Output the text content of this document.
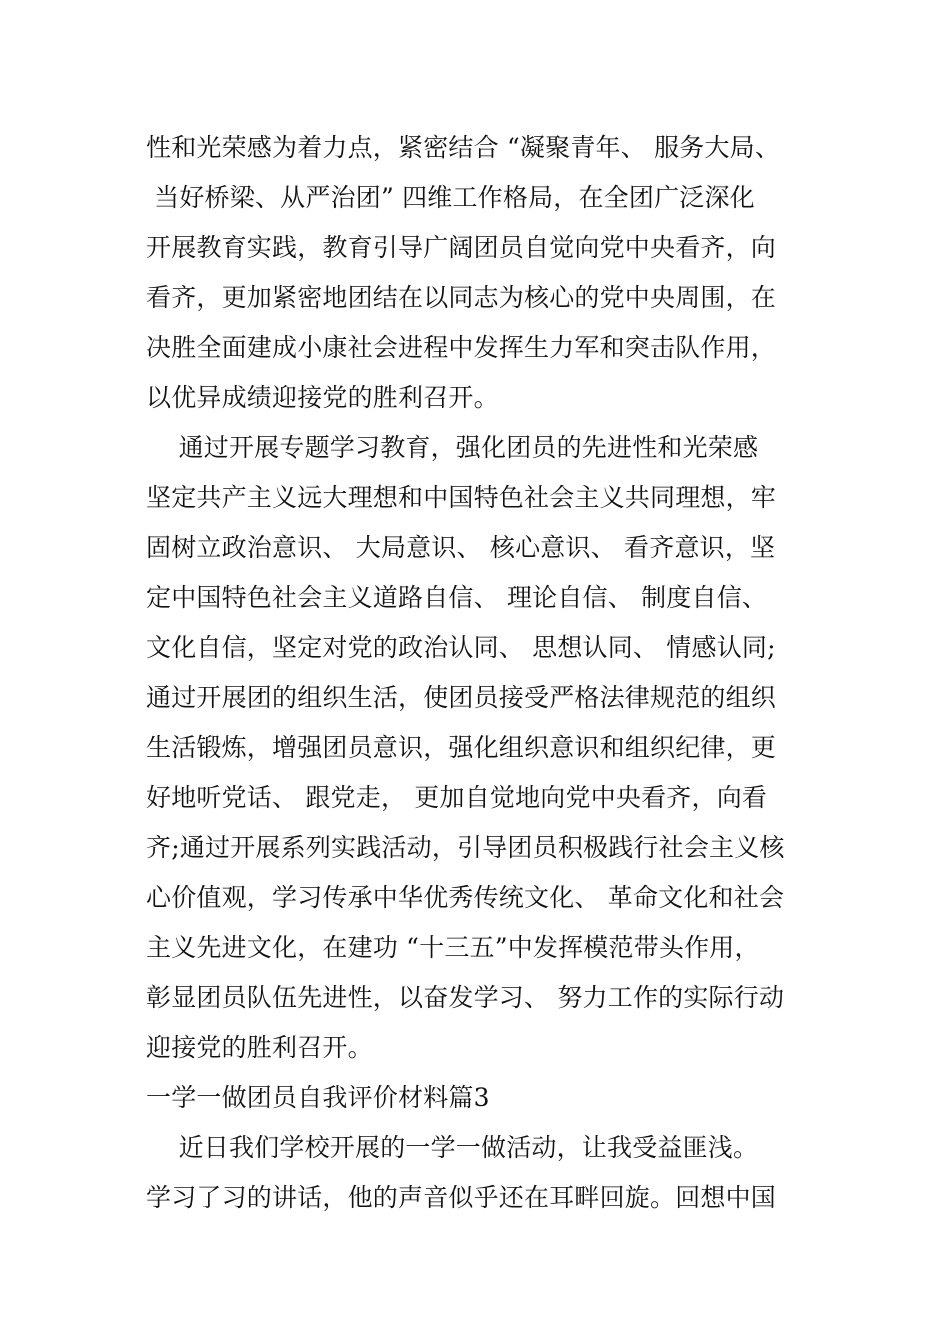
性和光荣感为着力点，紧密结合 “凝聚青年、 服务大局、
当好桥梁、从严治团” 四维工作格局，在全团广泛深化
开展教育实践，教育引导广阔团员自觉向党中央看齐，向
看齐，更加紧密地团结在以同志为核心的党中央周围，在
决胜全面建成小康社会进程中发挥生力军和突击队作用，
以优异成绩迎接党的胜利召开。
通过开展专题学习教育，强化团员的先进性和光荣感
坚定共产主义远大理想和中国特色社会主义共同理想，牢
固树立政治意识、 大局意识、 核心意识、 看齐意识，坚
定中国特色社会主义道路自信、 理论自信、 制度自信、
文化自信，坚定对党的政治认同、 思想认同、 情感认同;
通过开展团的组织生活，使团员接受严格法律规范的组织
生活锻炼，增强团员意识，强化组织意识和组织纪律，更
好地听党话、 跟党走， 更加自觉地向党中央看齐，向看
齐;通过开展系列实践活动，引导团员积极践行社会主义核
心价值观，学习传承中华优秀传统文化、 革命文化和社会
主义先进文化，在建功 “十三五”中发挥模范带头作用，
彰显团员队伍先进性，以奋发学习、 努力工作的实际行动
迎接党的胜利召开。
一学一做团员自我评价材料篇3
近日我们学校开展的一学一做活动，让我受益匪浅。
学习了习的讲话，他的声音似乎还在耳畔回旋。回想中国
